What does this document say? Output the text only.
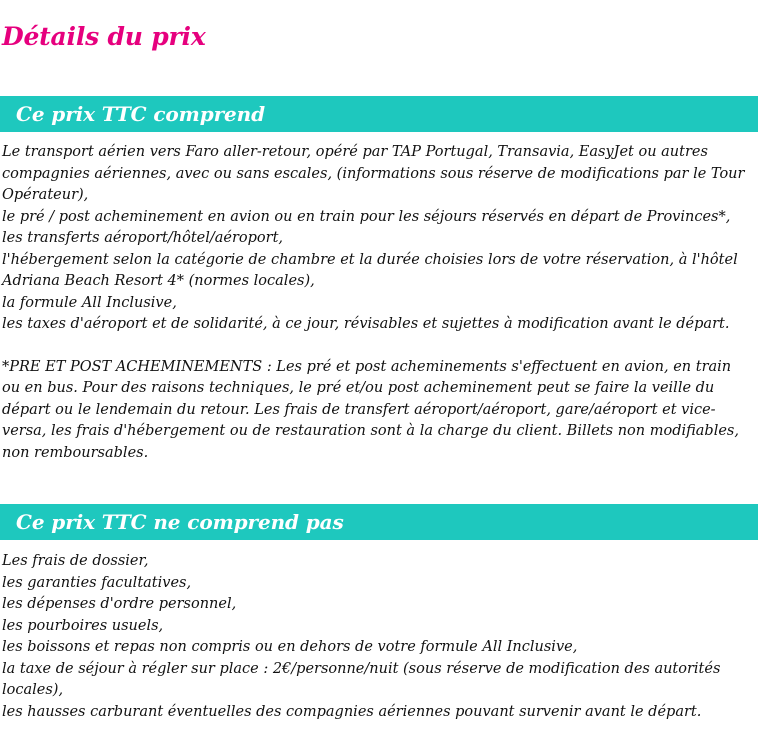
Détails du prix
Ce prix TTC comprend

Le transport aérien vers Faro aller-retour, opéré par TAP Portugal, Transavia, EasyJet ou autres compagnies aériennes, avec ou sans escales, (informations sous réserve de modifications par le Tour Opérateur),

le pré / post acheminement en avion ou en train pour les séjours réservés en départ de Provinces*,

les transferts aéroport/hôtel/aéroport,

l'hébergement selon la catégorie de chambre et la durée choisies lors de votre réservation, à l'hôtel Adriana Beach Resort 4* (normes locales),

la formule All Inclusive,

les taxes d'aéroport et de solidarité, à ce jour, révisables et sujettes à modification avant le départ.

*PRE ET POST ACHEMINEMENTS : Les pré et post acheminements s'effectuent en avion, en train ou en bus. Pour des raisons techniques, le pré et/ou post acheminement peut se faire la veille du départ ou le lendemain du retour. Les frais de transfert aéroport/aéroport, gare/aéroport et vice-versa, les frais d'hébergement ou de restauration sont à la charge du client. Billets non modifiables, non remboursables.

Ce prix TTC ne comprend pas

Les frais de dossier,

les garanties facultatives,

les dépenses d'ordre personnel,

les pourboires usuels,

les boissons et repas non compris ou en dehors de votre formule All Inclusive,

la taxe de séjour à régler sur place : 2€/personne/nuit (sous réserve de modification des autorités locales),

les hausses carburant éventuelles des compagnies aériennes pouvant survenir avant le départ.
